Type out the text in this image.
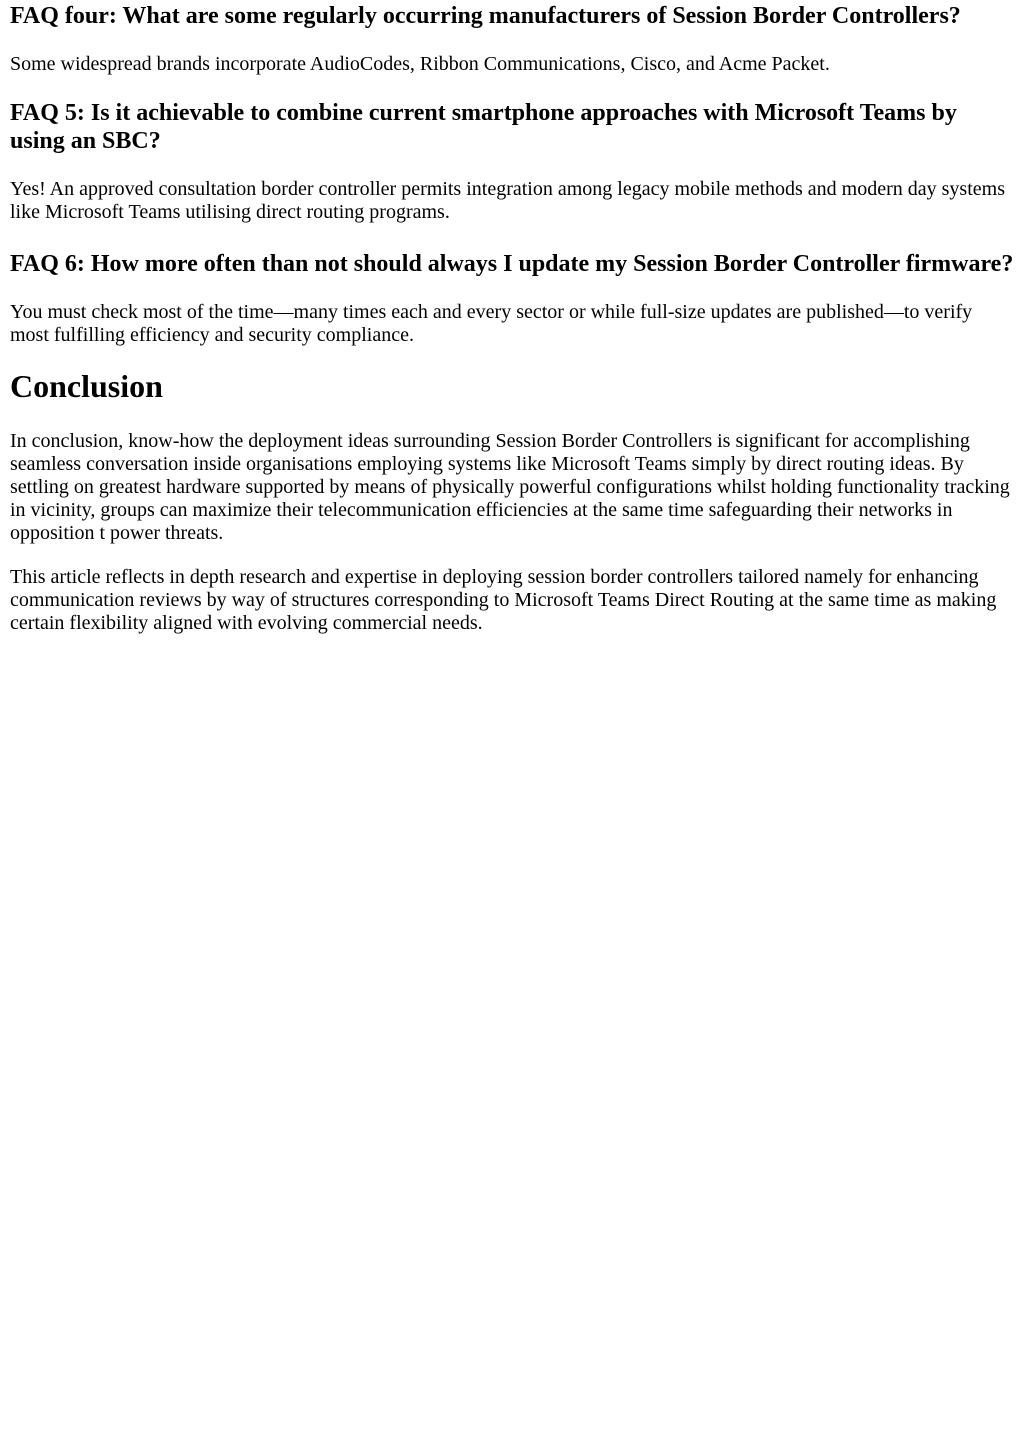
FAQ four: What are some regularly occurring manufacturers of Session Border Controllers?

Some widespread brands incorporate AudioCodes, Ribbon Communications, Cisco, and Acme Packet.

FAQ 5: Is it achievable to combine current smartphone approaches with Microsoft Teams by using an SBC?

Yes! An approved consultation border controller permits integration among legacy mobile methods and modern day systems like Microsoft Teams utilising direct routing programs.

FAQ 6: How more often than not should always I update my Session Border Controller firmware?

You must check most of the time—many times each and every sector or while full-size updates are published—to verify most fulfilling efficiency and security compliance.

Conclusion

In conclusion, know-how the deployment ideas surrounding Session Border Controllers is significant for accomplishing seamless conversation inside organisations employing systems like Microsoft Teams simply by direct routing ideas. By settling on greatest hardware supported by means of physically powerful configurations whilst holding functionality tracking in vicinity, groups can maximize their telecommunication efficiencies at the same time safeguarding their networks in opposition t power threats.

This article reflects in depth research and expertise in deploying session border controllers tailored namely for enhancing communication reviews by way of structures corresponding to Microsoft Teams Direct Routing at the same time as making certain flexibility aligned with evolving commercial needs.
